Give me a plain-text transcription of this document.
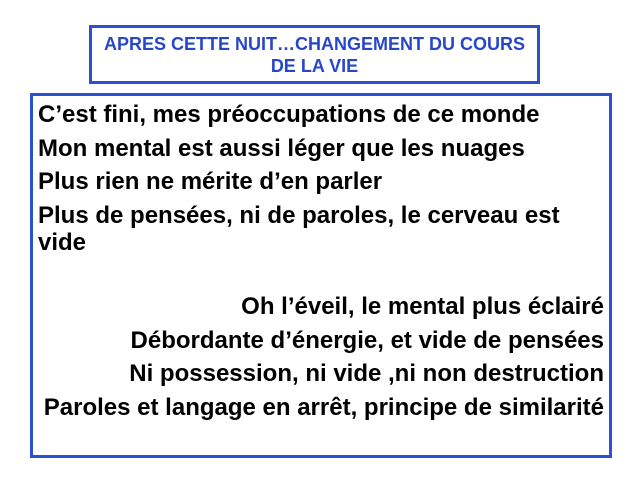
APRES CETTE NUIT…CHANGEMENT DU COURS
DE LA VIE

C’est fini, mes préoccupations de ce monde

Mon mental est aussi léger que les nuages

Plus rien ne mérite d’en parler

Plus de pensées, ni de paroles, le cerveau est vide

Oh l’éveil, le mental plus éclairé

Débordante d’énergie, et vide de pensées

Ni possession, ni vide ,ni non destruction

Paroles et langage en arrêt, principe de similarité
